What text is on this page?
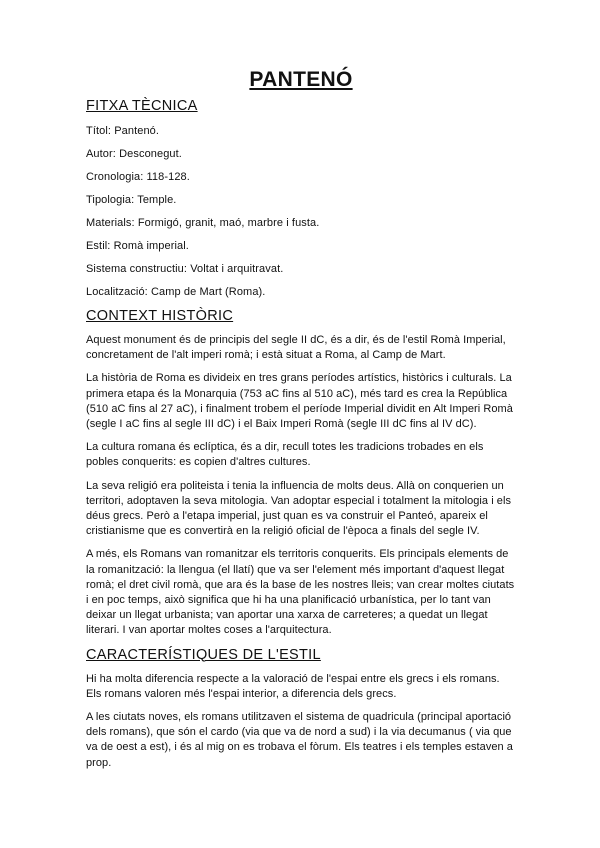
PANTENÓ
FITXA TÈCNICA

Títol: Pantenó.

Autor: Desconegut.

Cronologia: 118-128.

Tipologia: Temple.

Materials: Formigó, granit, maó, marbre i fusta.

Estil: Romà imperial.

Sistema constructiu: Voltat i arquitravat.

Localització: Camp de Mart (Roma).

CONTEXT HISTÒRIC

Aquest monument és de principis del segle II dC, és a dir, és de l'estil Romà Imperial, concretament de l'alt imperi romà; i està situat a Roma, al Camp de Mart.

La història de Roma es divideix en tres grans períodes artístics, històrics i culturals. La primera etapa és la Monarquia (753 aC fins al 510 aC), més tard es crea la República (510 aC fins al 27 aC), i finalment trobem el període Imperial dividit en Alt Imperi Romà (segle I aC fins al segle III dC) i el Baix Imperi Romà (segle III dC fins al IV dC).

La cultura romana és eclíptica, és a dir, recull totes les tradicions trobades en els pobles conquerits: es copien d'altres cultures.

La seva religió era politeista i tenia la influencia de molts deus. Allà on conquerien un territori, adoptaven la seva mitologia. Van adoptar especial i totalment la mitologia i els déus grecs. Però a l'etapa imperial, just quan es va construir el Panteó, apareix el cristianisme que es convertirà en la religió oficial de l'època a finals del segle IV.

A més, els Romans van romanitzar els territoris conquerits. Els principals elements de la romanització: la llengua (el llatí) que va ser l'element més important d'aquest llegat romà; el dret civil romà, que ara és la base de les nostres lleis; van crear moltes ciutats i en poc temps, això significa que hi ha una planificació urbanística, per lo tant van deixar un llegat urbanista; van aportar una xarxa de carreteres; a quedat un llegat literari. I van aportar moltes coses a l'arquitectura.

CARACTERÍSTIQUES DE L'ESTIL

Hi ha molta diferencia respecte a la valoració de l'espai entre els grecs i els romans. Els romans valoren més l'espai interior, a diferencia dels grecs.

A les ciutats noves, els romans utilitzaven el sistema de quadricula (principal aportació dels romans), que són el cardo (via que va de nord a sud) i la via decumanus ( via que va de oest a est), i és al mig on es trobava el fòrum. Els teatres i els temples estaven a prop.
